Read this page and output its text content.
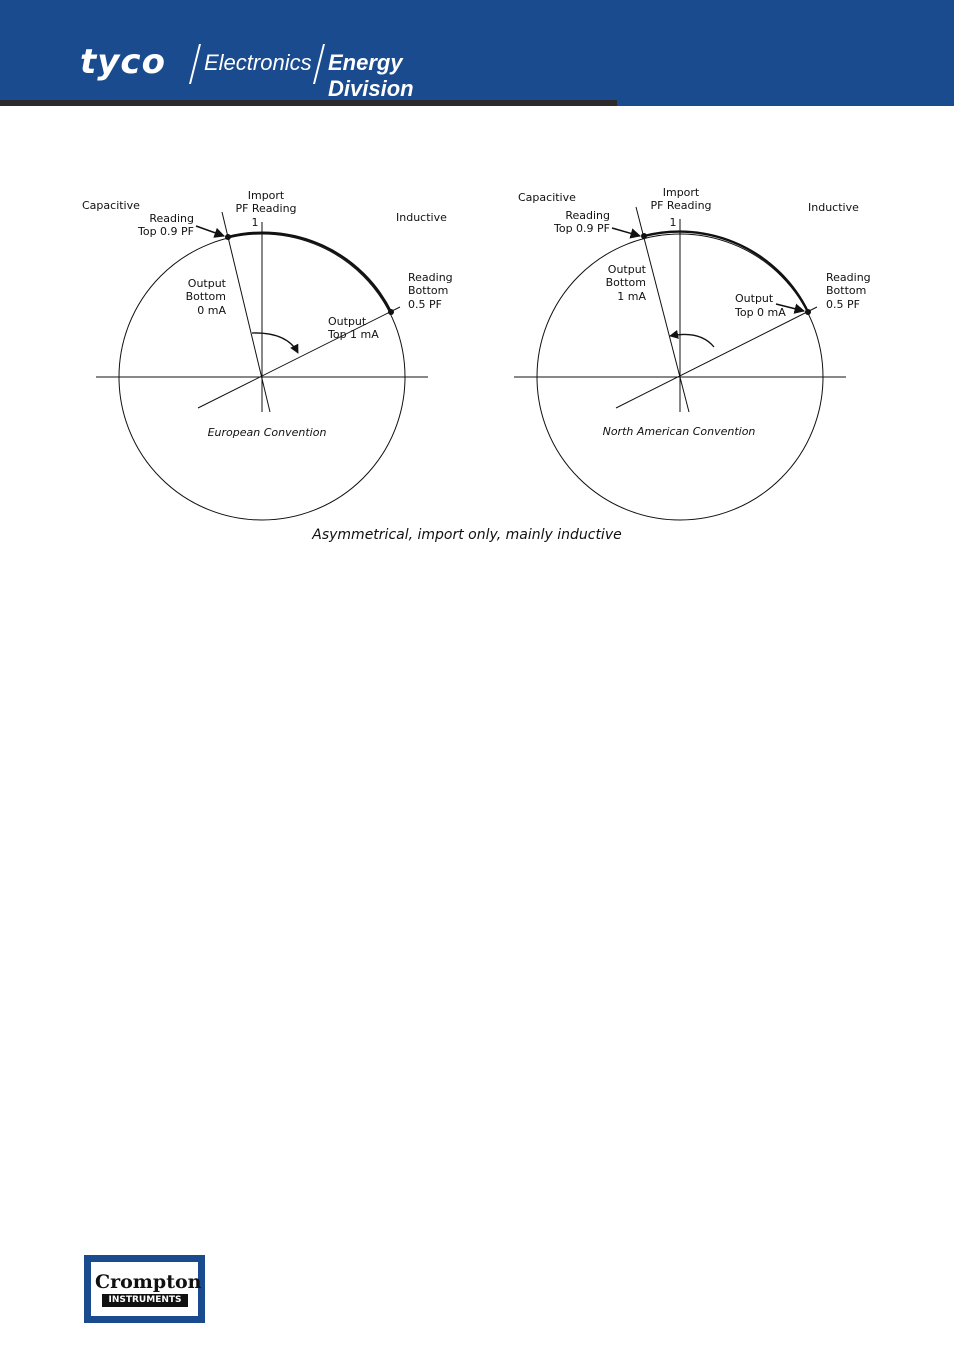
tyco Electronics Energy Division
Capacitive
Inductive
Import
PF Reading
1
Reading
Top 0.9 PF
Output
Bottom
0 mA
Reading
Bottom
0.5 PF
Output
Top 1 mA
European Convention
Capacitive
Inductive
Import
PF Reading
1
Reading
Top 0.9 PF
Output
Bottom
1 mA
Reading
Bottom
0.5 PF
Output
Top 0 mA
North American Convention
Asymmetrical, import only, mainly inductive
Crompton
INSTRUMENTS
